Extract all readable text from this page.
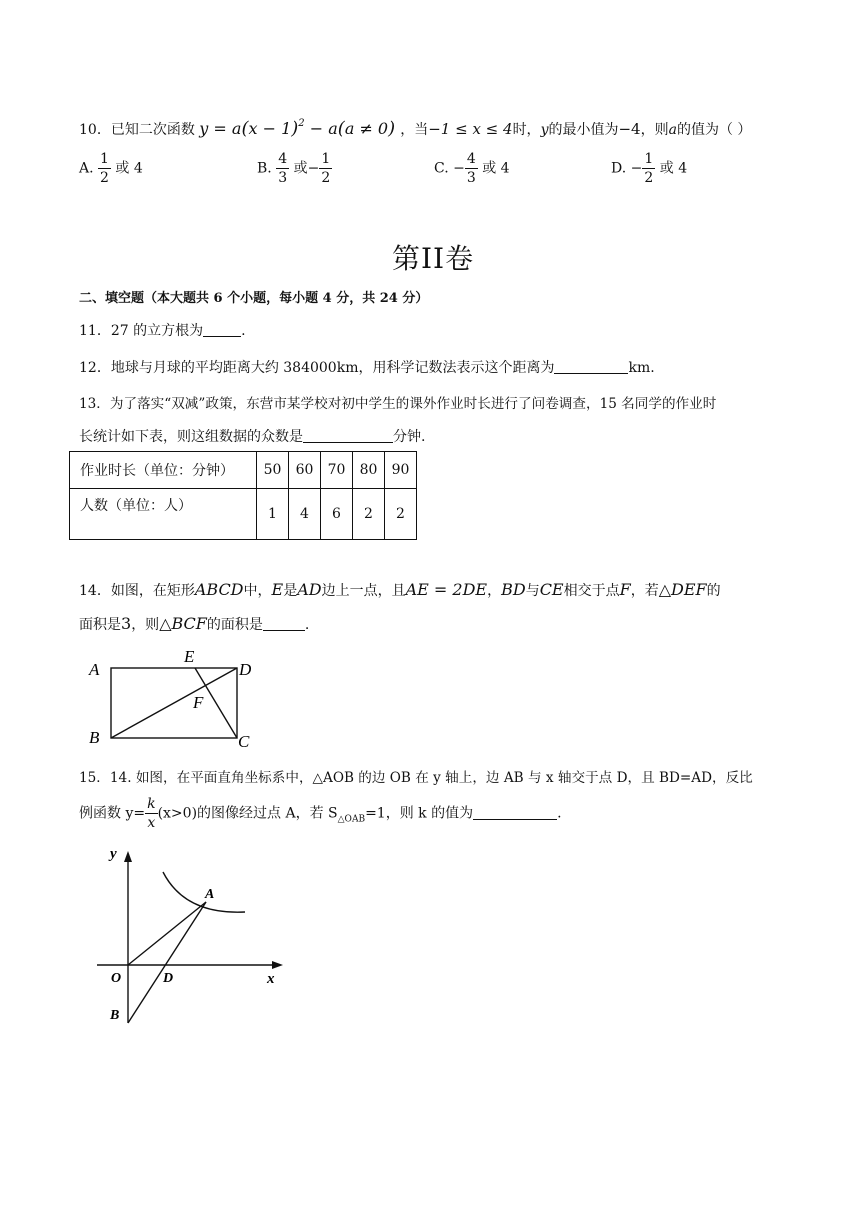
10．已知二次函数 $y = a(x - 1)^2 - a(a \ne 0)$ ，当−1 ≤ x ≤ 4时，y的最小值为−4，则a的值为（ ）
A. $\frac{1}{2}$ 或 4	B. $\frac{4}{3}$ 或− $\frac{1}{2}$	C. − $\frac{4}{3}$ 或 4	D. − $\frac{1}{2}$ 或 4
第II卷
二、填空题（本大题共 6 个小题，每小题 4 分，共 24 分）
11．27 的立方根为	.
12．地球与月球的平均距离大约 384000km，用科学记数法表示这个距离为	km.
13．为了落实“双减”政策，东营市某学校对初中学生的课外作业时长进行了问卷调查，15 名同学的作业时
长统计如下表，则这组数据的众数是	分钟.
作业时长（单位：分钟）	50	60	70	80	90
人数（单位：人）	1	4	6	2	2
14．如图，在矩形ABCD中，E是AD边上一点，且AE = 2DE，BD与CE相交于点F，若△DEF的
面积是3，则△BCF的面积是	.
A
B	C
D
E
F
15．14. 如图，在平面直角坐标系中，△AOB 的边 OB 在 y 轴上，边 AB 与 x 轴交于点 D，且 BD=AD，反比
例函数 $y= \frac{k}{x} (x>0)$的图像经过点 A，若 $S_{\triangle OAB}=1$，则 k 的值为	.
y
x
O
A
D
B
